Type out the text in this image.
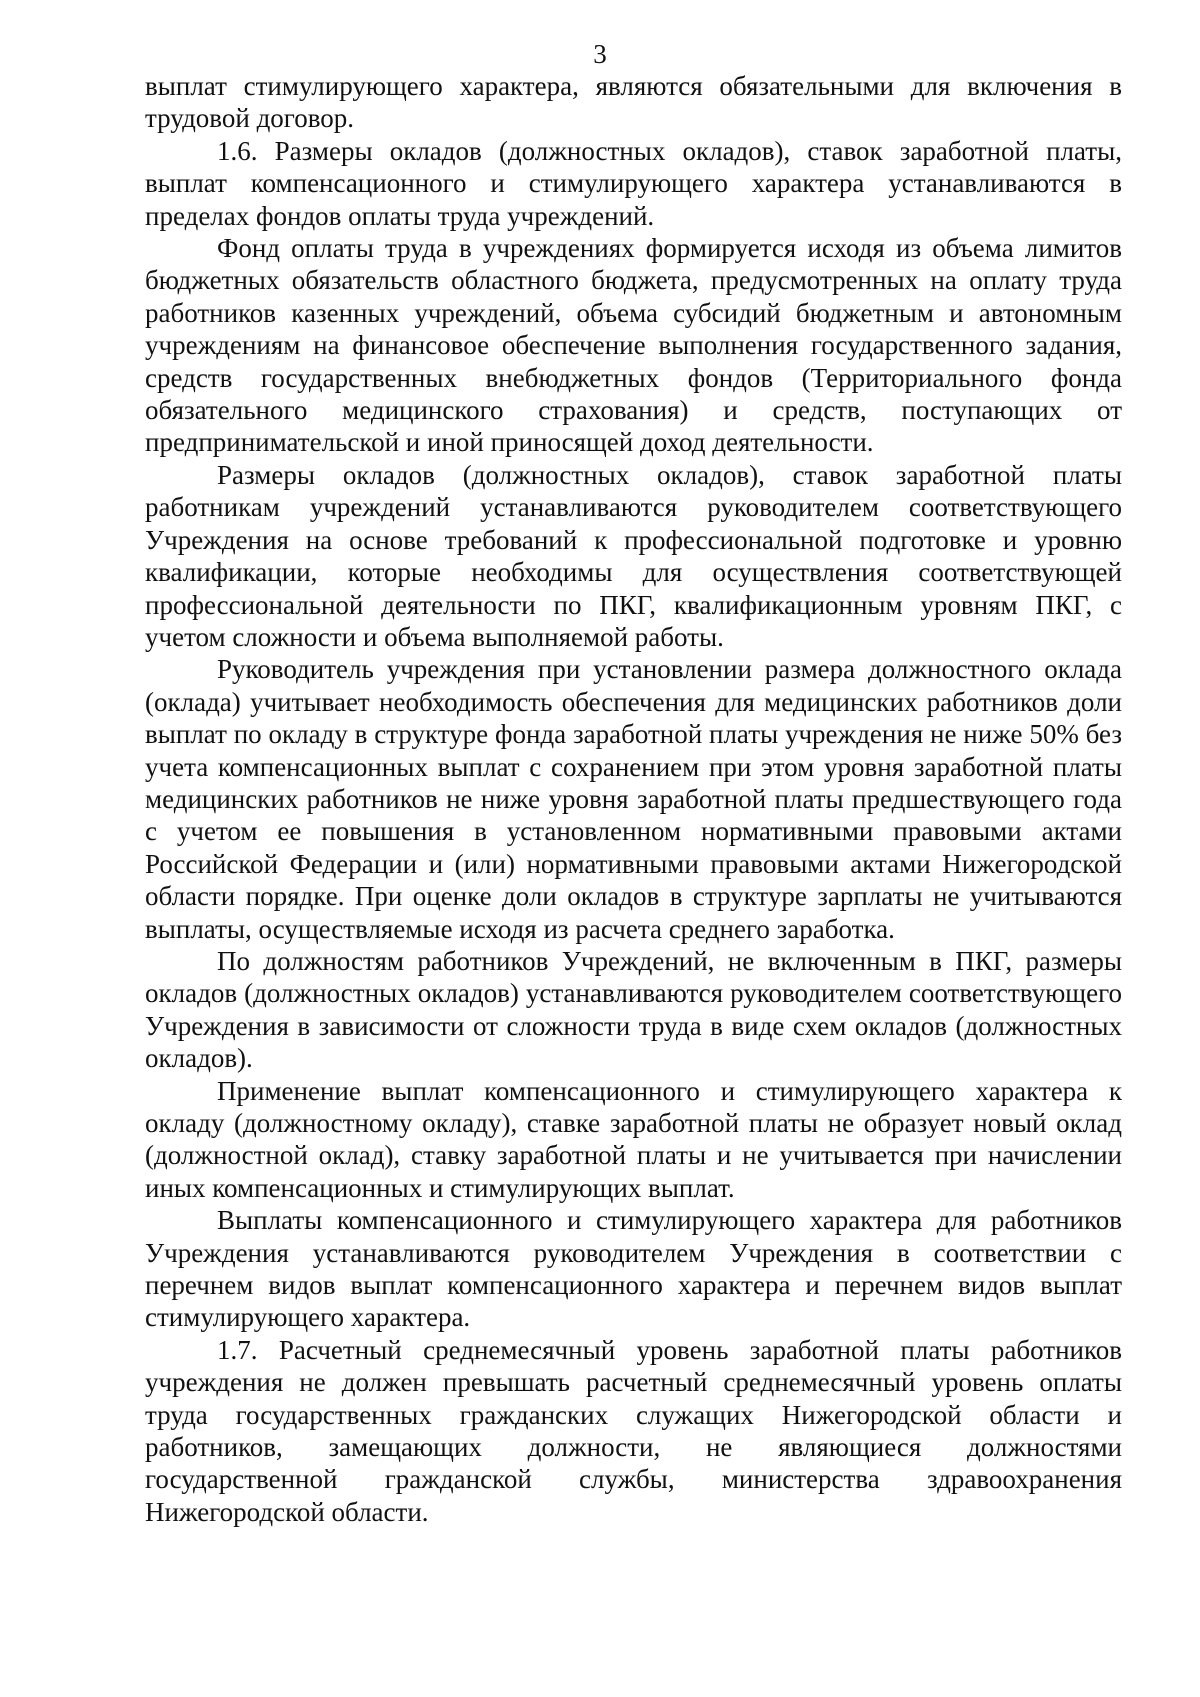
3

выплат стимулирующего характера, являются обязательными для включения в трудовой договор.

1.6. Размеры окладов (должностных окладов), ставок заработной платы, выплат компенсационного и стимулирующего характера устанавливаются в пределах фондов оплаты труда учреждений.

Фонд оплаты труда в учреждениях формируется исходя из объема лимитов бюджетных обязательств областного бюджета, предусмотренных на оплату труда работников казенных учреждений, объема субсидий бюджетным и автономным учреждениям на финансовое обеспечение выполнения государственного задания, средств государственных внебюджетных фондов (Территориального фонда обязательного медицинского страхования) и средств, поступающих от предпринимательской и иной приносящей доход деятельности.

Размеры окладов (должностных окладов), ставок заработной платы работникам учреждений устанавливаются руководителем соответствующего Учреждения на основе требований к профессиональной подготовке и уровню квалификации, которые необходимы для осуществления соответствующей профессиональной деятельности по ПКГ, квалификационным уровням ПКГ, с учетом сложности и объема выполняемой работы.

Руководитель учреждения при установлении размера должностного оклада (оклада) учитывает необходимость обеспечения для медицинских работников доли выплат по окладу в структуре фонда заработной платы учреждения не ниже 50% без учета компенсационных выплат с сохранением при этом уровня заработной платы медицинских работников не ниже уровня заработной платы предшествующего года с учетом ее повышения в установленном нормативными правовыми актами Российской Федерации и (или) нормативными правовыми актами Нижегородской области порядке. При оценке доли окладов в структуре зарплаты не учитываются выплаты, осуществляемые исходя из расчета среднего заработка.

По должностям работников Учреждений, не включенным в ПКГ, размеры окладов (должностных окладов) устанавливаются руководителем соответствующего Учреждения в зависимости от сложности труда в виде схем окладов (должностных окладов).

Применение выплат компенсационного и стимулирующего характера к окладу (должностному окладу), ставке заработной платы не образует новый оклад (должностной оклад), ставку заработной платы и не учитывается при начислении иных компенсационных и стимулирующих выплат.

Выплаты компенсационного и стимулирующего характера для работников Учреждения устанавливаются руководителем Учреждения в соответствии с перечнем видов выплат компенсационного характера и перечнем видов выплат стимулирующего характера.

1.7. Расчетный среднемесячный уровень заработной платы работников учреждения не должен превышать расчетный среднемесячный уровень оплаты труда государственных гражданских служащих Нижегородской области и работников, замещающих должности, не являющиеся должностями государственной гражданской службы, министерства здравоохранения Нижегородской области.
